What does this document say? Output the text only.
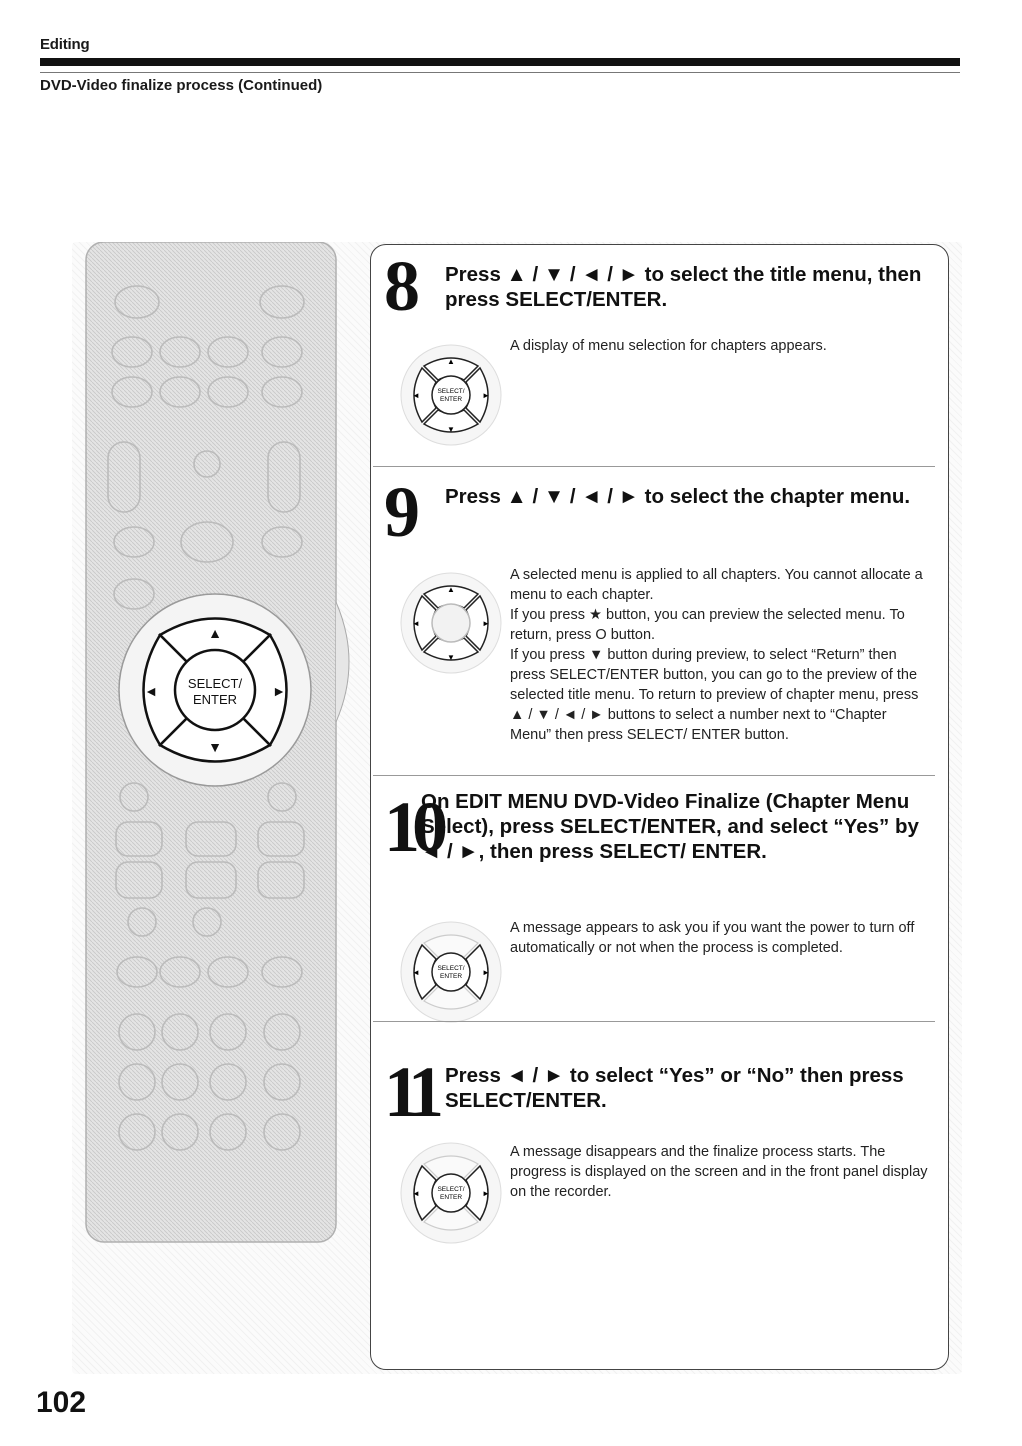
Editing
DVD-Video finalize process (Continued)
▲
▼
◄	►
SELECT/
ENTER
8 Press ▲ / ▼ / ◄ / ► to select the title menu, then press SELECT/ENTER.
▲
▼
◄	►
SELECT/
ENTER

A display of menu selection for chapters appears.

9 Press ▲ / ▼ / ◄ / ► to select the chapter menu.
▲
▼
◄	►

A selected menu is applied to all chapters. You cannot allocate a menu to each chapter.

If you press ★ button, you can preview the selected menu. To return, press O button.

If you press ▼ button during preview, to select “Return” then press SELECT/ENTER button, you can go to the preview of the selected title menu. To return to preview of chapter menu, press ▲ / ▼ / ◄ / ► buttons to select a number next to “Chapter Menu” then press SELECT/ ENTER button.

10
On EDIT MENU DVD-Video Finalize (Chapter Menu Select), press SELECT/ENTER, and select “Yes” by ◄ / ►, then press SELECT/ ENTER.
◄	►
SELECT/
ENTER

A message appears to ask you if you want the power to turn off automatically or not when the process is completed.

11 Press ◄ / ► to select “Yes” or “No” then press SELECT/ENTER.
◄	►
SELECT/
ENTER

A message disappears and the finalize process starts. The progress is displayed on the screen and in the front panel display on the recorder.

102
